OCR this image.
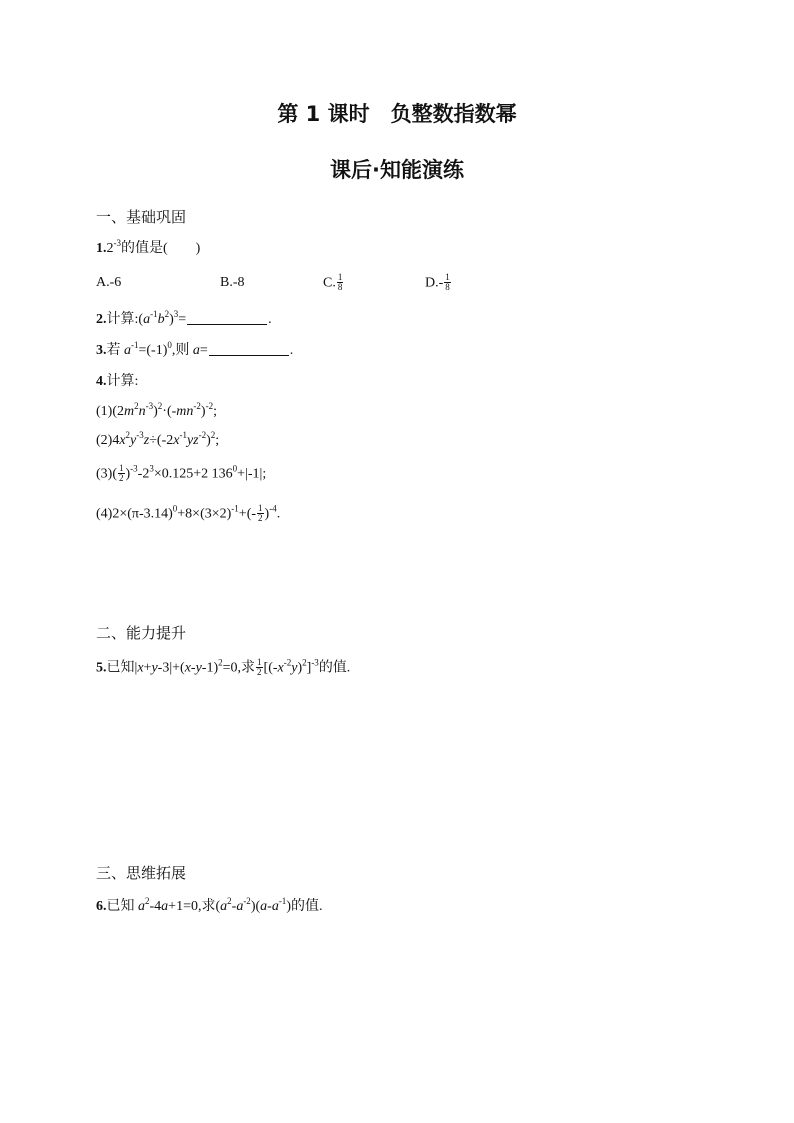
第 1 课时　负整数指数幂
课后·知能演练
一、基础巩固
$1.2^{-3}$的值是(　　)
A.-6	B.-8	C. $\frac{1}{8}$	$D.- \frac{1}{8}$
2.计算$:(a^{-1}b^2)^3=$	.
3.若 $a^{-1}=(-1)^0$,则 a=	.
4.计算:
$(1)(2m^2n^{-3})^2\cdot(-mn^{-2})^{-2}$;
$(2)4x^2y^{-3}z\div(-2x^{-1}yz^{-2})^2$;
$(3)( \frac{1}{2} )^{-3}-2^3\times 0.125+2$ $136^0+|-1|$;
$(4)2\times(\pi-3.14)^0+8\times(3\times 2)^{-1}+(- \frac{1}{2} )^{-4}$.
二、能力提升
5.已知$|x+y-3|+(x-y-1)^2=0$,求 $\frac{1}{2} [(-x^{-2}y)^2]^{-3}$的值.
三、思维拓展
6.已知 $a^2-4a+1=0$,求$(a^2-a^{-2})(a-a^{-1})$的值.
